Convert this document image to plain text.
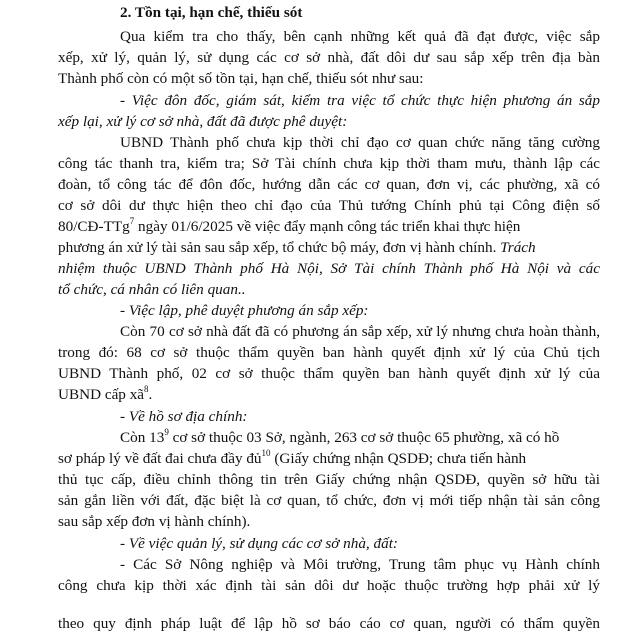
2. Tồn tại, hạn chế, thiếu sót
Qua kiểm tra cho thấy, bên cạnh những kết quả đã đạt được, việc sắp
xếp, xử lý, quản lý, sử dụng các cơ sở nhà, đất dôi dư sau sắp xếp trên địa bàn
Thành phố còn có một số tồn tại, hạn chế, thiếu sót như sau:
- Việc đôn đốc, giám sát, kiểm tra việc tổ chức thực hiện phương án sắp
xếp lại, xử lý cơ sở nhà, đất đã được phê duyệt:
UBND Thành phố chưa kịp thời chỉ đạo cơ quan chức năng tăng cường
công tác thanh tra, kiểm tra; Sở Tài chính chưa kịp thời tham mưu, thành lập các
đoàn, tổ công tác để đôn đốc, hướng dẫn các cơ quan, đơn vị, các phường, xã có
cơ sở dôi dư thực hiện theo chỉ đạo của Thủ tướng Chính phủ tại Công điện số
80/CĐ-TTg$^7$ ngày 01/6/2025 về việc đẩy mạnh công tác triển khai thực hiện
phương án xử lý tài sản sau sắp xếp, tổ chức bộ máy, đơn vị hành chính. Trách
nhiệm thuộc UBND Thành phố Hà Nội, Sở Tài chính Thành phố Hà Nội và các
tổ chức, cá nhân có liên quan..
- Việc lập, phê duyệt phương án sắp xếp:
Còn 70 cơ sở nhà đất đã có phương án sắp xếp, xử lý nhưng chưa hoàn thành,
trong đó: 68 cơ sở thuộc thẩm quyền ban hành quyết định xử lý của Chủ tịch
UBND Thành phố, 02 cơ sở thuộc thẩm quyền ban hành quyết định xử lý của
UBND cấp $xã^8$.
- Về hồ sơ địa chính:
Còn $13^9$ cơ sở thuộc 03 Sở, ngành, 263 cơ sở thuộc 65 phường, xã có hồ
sơ pháp lý về đất đai chưa đầy đủ$^{10}$ (Giấy chứng nhận QSDĐ; chưa tiến hành
thủ tục cấp, điều chỉnh thông tin trên Giấy chứng nhận QSDĐ, quyền sở hữu tài
sản gắn liền với đất, đặc biệt là cơ quan, tổ chức, đơn vị mới tiếp nhận tài sản công
sau sắp xếp đơn vị hành chính).
- Về việc quản lý, sử dụng các cơ sở nhà, đất:
- Các Sở Nông nghiệp và Môi trường, Trung tâm phục vụ Hành chính
công chưa kịp thời xác định tài sản dôi dư hoặc thuộc trường hợp phải xử lý
theo quy định pháp luật để lập hồ sơ báo cáo cơ quan, người có thẩm quyền
